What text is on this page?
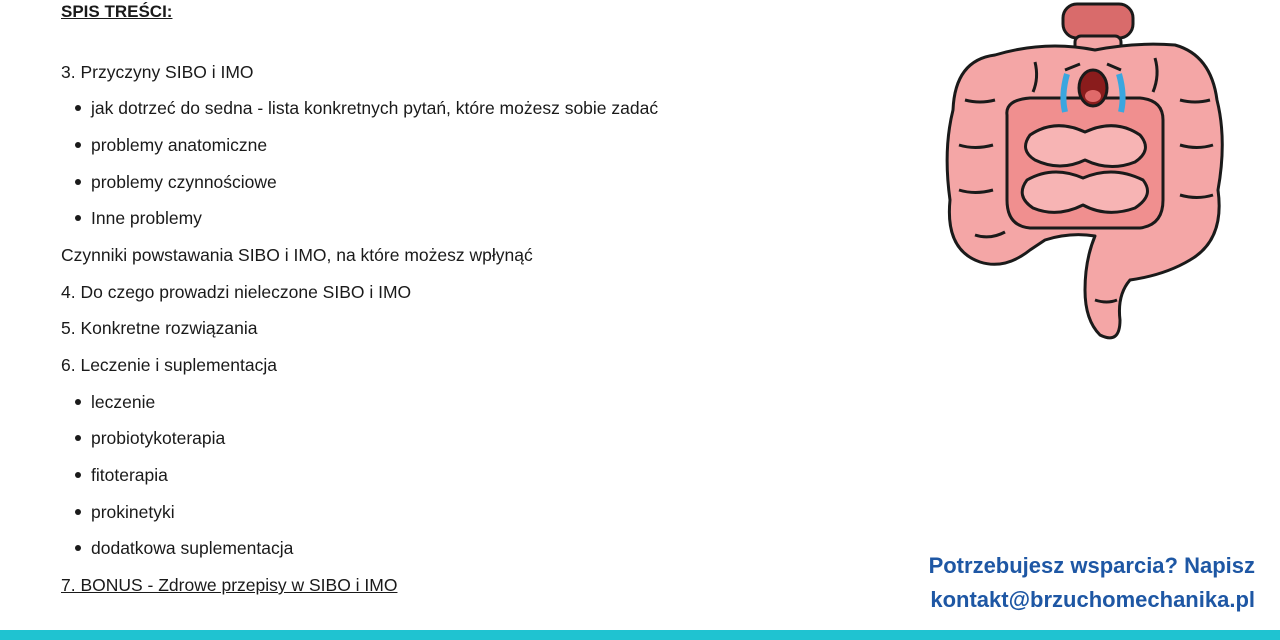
SPIS TREŚCI:
3. Przyczyny SIBO i IMO
jak dotrzeć do sedna - lista konkretnych pytań, które możesz sobie zadać
problemy anatomiczne
problemy czynnościowe
Inne problemy
Czynniki powstawania SIBO i IMO, na które możesz wpłynąć
4. Do czego prowadzi nieleczone SIBO i IMO
5. Konkretne rozwiązania
6. Leczenie i suplementacja
leczenie
probiotykoterapia
fitoterapia
prokinetyki
dodatkowa suplementacja
7. BONUS - Zdrowe przepisy w SIBO i IMO
Potrzebujesz wsparcia? Napisz
kontakt@brzuchomechanika.pl
